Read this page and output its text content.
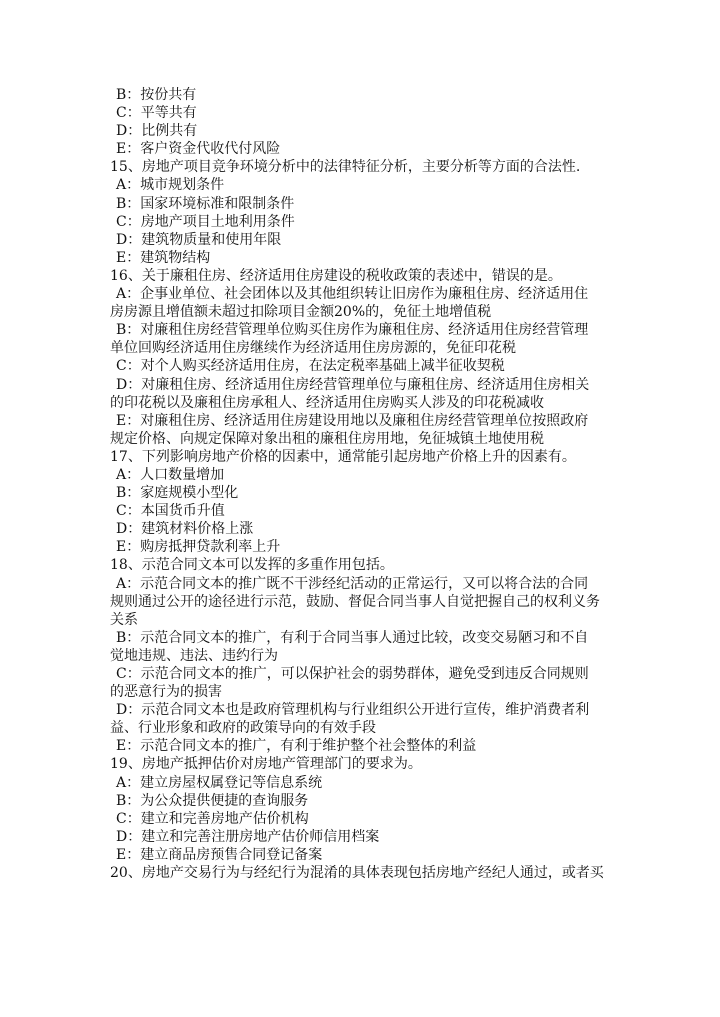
B：按份共有
C：平等共有
D：比例共有
E：客户资金代收代付风险
15、房地产项目竞争环境分析中的法律特征分析，主要分析等方面的合法性.
A：城市规划条件
B：国家环境标准和限制条件
C：房地产项目土地利用条件
D：建筑物质量和使用年限
E：建筑物结构
16、关于廉租住房、经济适用住房建设的税收政策的表述中，错误的是。
A：企事业单位、社会团体以及其他组织转让旧房作为廉租住房、经济适用住
房房源且增值额未超过扣除项目金额20%的，免征土地增值税
B：对廉租住房经营管理单位购买住房作为廉租住房、经济适用住房经营管理
单位回购经济适用住房继续作为经济适用住房房源的，免征印花税
C：对个人购买经济适用住房，在法定税率基础上减半征收契税
D：对廉租住房、经济适用住房经营管理单位与廉租住房、经济适用住房相关
的印花税以及廉租住房承租人、经济适用住房购买人涉及的印花税减收
E：对廉租住房、经济适用住房建设用地以及廉租住房经营管理单位按照政府
规定价格、向规定保障对象出租的廉租住房用地，免征城镇土地使用税
17、下列影响房地产价格的因素中，通常能引起房地产价格上升的因素有。
A：人口数量增加
B：家庭规模小型化
C：本国货币升值
D：建筑材料价格上涨
E：购房抵押贷款利率上升
18、示范合同文本可以发挥的多重作用包括。
A：示范合同文本的推广既不干涉经纪活动的正常运行，又可以将合法的合同
规则通过公开的途径进行示范，鼓励、督促合同当事人自觉把握自己的权利义务
关系
B：示范合同文本的推广，有利于合同当事人通过比较，改变交易陋习和不自
觉地违规、违法、违约行为
C：示范合同文本的推广，可以保护社会的弱势群体，避免受到违反合同规则
的恶意行为的损害
D：示范合同文本也是政府管理机构与行业组织公开进行宣传，维护消费者利
益、行业形象和政府的政策导向的有效手段
E：示范合同文本的推广，有利于维护整个社会整体的利益
19、房地产抵押估价对房地产管理部门的要求为。
A：建立房屋权属登记等信息系统
B：为公众提供便捷的查询服务
C：建立和完善房地产估价机构
D：建立和完善注册房地产估价师信用档案
E：建立商品房预售合同登记备案
20、房地产交易行为与经纪行为混淆的具体表现包括房地产经纪人通过，或者买
